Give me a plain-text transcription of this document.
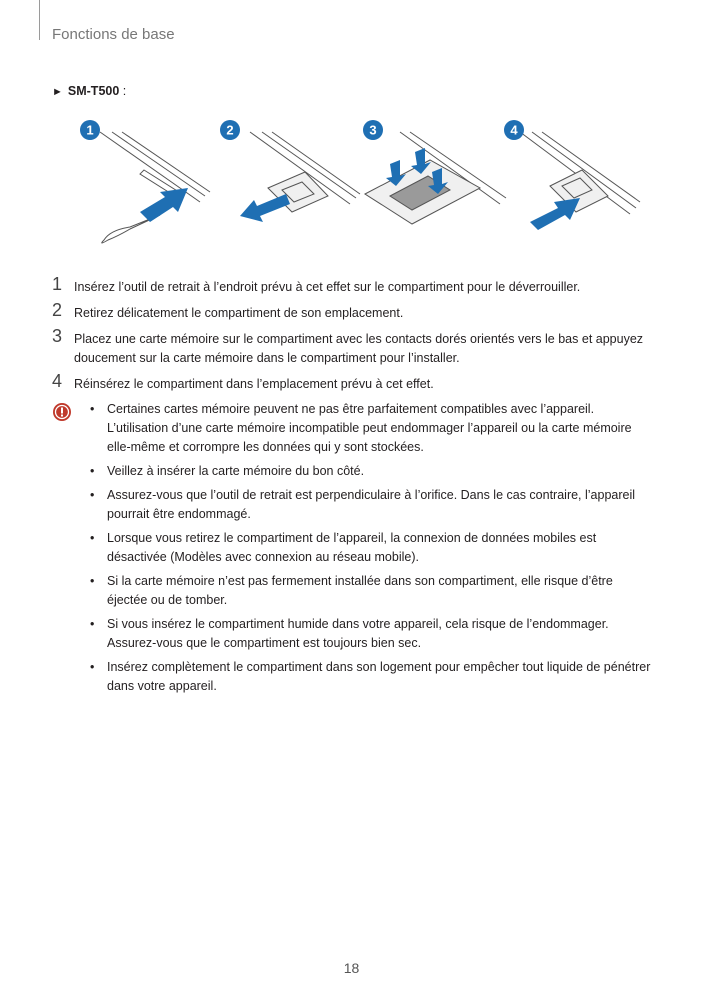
Fonctions de base
► SM-T500 :
1	2	3	4
1 Insérez l’outil de retrait à l’endroit prévu à cet effet sur le compartiment pour le déverrouiller.
2 Retirez délicatement le compartiment de son emplacement.
3 Placez une carte mémoire sur le compartiment avec les contacts dorés orientés vers le bas et appuyez doucement sur la carte mémoire dans le compartiment pour l’installer.
4 Réinsérez le compartiment dans l’emplacement prévu à cet effet.
• Certaines cartes mémoire peuvent ne pas être parfaitement compatibles avec l’appareil. L’utilisation d’une carte mémoire incompatible peut endommager l’appareil ou la carte mémoire elle-même et corrompre les données qui y sont stockées.
• Veillez à insérer la carte mémoire du bon côté.
• Assurez-vous que l’outil de retrait est perpendiculaire à l’orifice. Dans le cas contraire, l’appareil pourrait être endommagé.
• Lorsque vous retirez le compartiment de l’appareil, la connexion de données mobiles est désactivée (Modèles avec connexion au réseau mobile).
• Si la carte mémoire n’est pas fermement installée dans son compartiment, elle risque d’être éjectée ou de tomber.
• Si vous insérez le compartiment humide dans votre appareil, cela risque de l’endommager. Assurez-vous que le compartiment est toujours bien sec.
• Insérez complètement le compartiment dans son logement pour empêcher tout liquide de pénétrer dans votre appareil.
18
